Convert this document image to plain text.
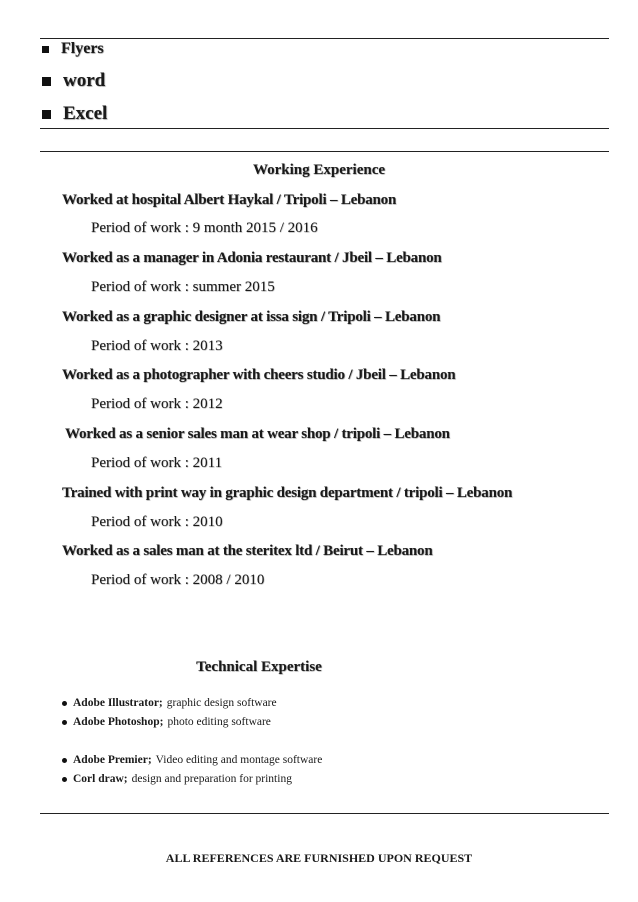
Flyers
word
Excel
Working Experience
Worked at hospital Albert Haykal / Tripoli – Lebanon
Period of work : 9 month 2015 / 2016
Worked as a manager in Adonia restaurant / Jbeil – Lebanon
Period of work : summer 2015
Worked as a graphic designer at issa sign / Tripoli – Lebanon
Period of work : 2013
Worked as a photographer with cheers studio / Jbeil – Lebanon
Period of work : 2012
Worked as a senior sales man at wear shop / tripoli – Lebanon
Period of work : 2011
Trained with print way in graphic design department / tripoli – Lebanon
Period of work : 2010
Worked as a sales man at the steritex ltd / Beirut – Lebanon
Period of work : 2008 / 2010
Technical Expertise
Adobe Illustrator; graphic design software
Adobe Photoshop; photo editing software
Adobe Premier; Video editing and montage software
Corl draw; design and preparation for printing
ALL REFERENCES ARE FURNISHED UPON REQUEST
